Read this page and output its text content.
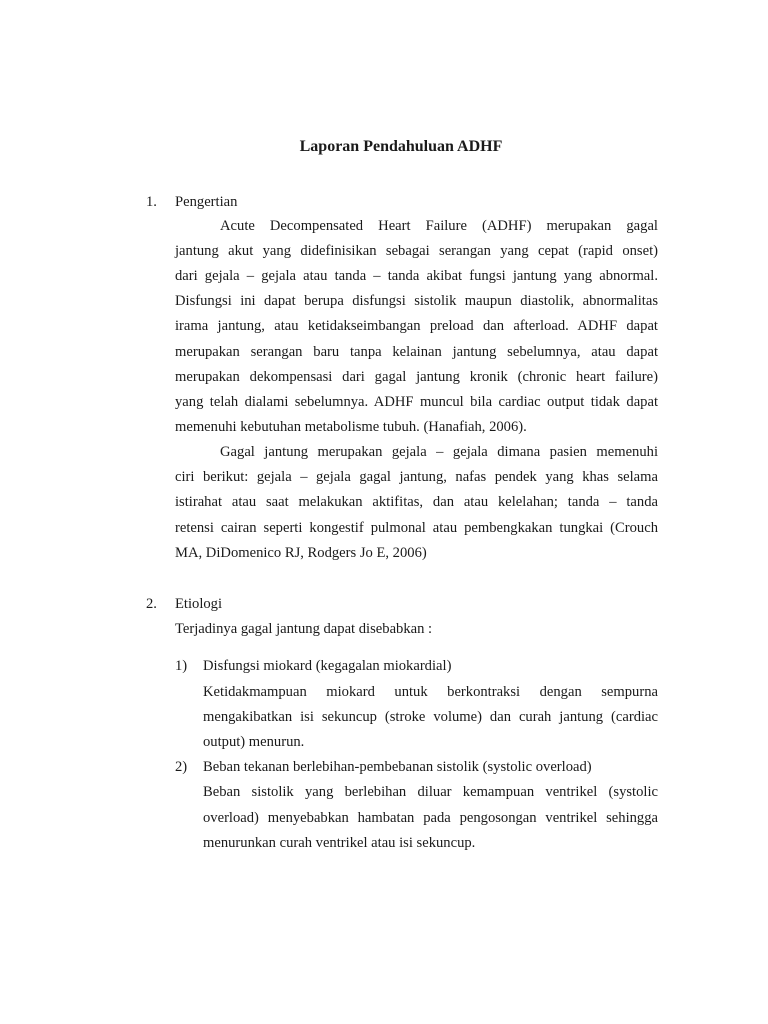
Laporan Pendahuluan ADHF
1. Pengertian
Acute Decompensated Heart Failure (ADHF) merupakan gagal
jantung akut yang didefinisikan sebagai serangan yang cepat (rapid onset)
dari gejala – gejala atau tanda – tanda akibat fungsi jantung yang abnormal.
Disfungsi ini dapat berupa disfungsi sistolik maupun diastolik, abnormalitas
irama jantung, atau ketidakseimbangan preload dan afterload. ADHF dapat
merupakan serangan baru tanpa kelainan jantung sebelumnya, atau dapat
merupakan dekompensasi dari gagal jantung kronik (chronic heart failure)
yang telah dialami sebelumnya. ADHF muncul bila cardiac output tidak dapat
memenuhi kebutuhan metabolisme tubuh. (Hanafiah, 2006).
Gagal jantung merupakan gejala – gejala dimana pasien memenuhi
ciri berikut: gejala – gejala gagal jantung, nafas pendek yang khas selama
istirahat atau saat melakukan aktifitas, dan atau kelelahan; tanda – tanda
retensi cairan seperti kongestif pulmonal atau pembengkakan tungkai (Crouch
MA, DiDomenico RJ, Rodgers Jo E, 2006)
2. Etiologi
Terjadinya gagal jantung dapat disebabkan :
1) Disfungsi miokard (kegagalan miokardial)
Ketidakmampuan miokard untuk berkontraksi dengan sempurna
mengakibatkan isi sekuncup (stroke volume) dan curah jantung (cardiac
output) menurun.
2) Beban tekanan berlebihan-pembebanan sistolik (systolic overload)
Beban sistolik yang berlebihan diluar kemampuan ventrikel (systolic
overload) menyebabkan hambatan pada pengosongan ventrikel sehingga
menurunkan curah ventrikel atau isi sekuncup.
